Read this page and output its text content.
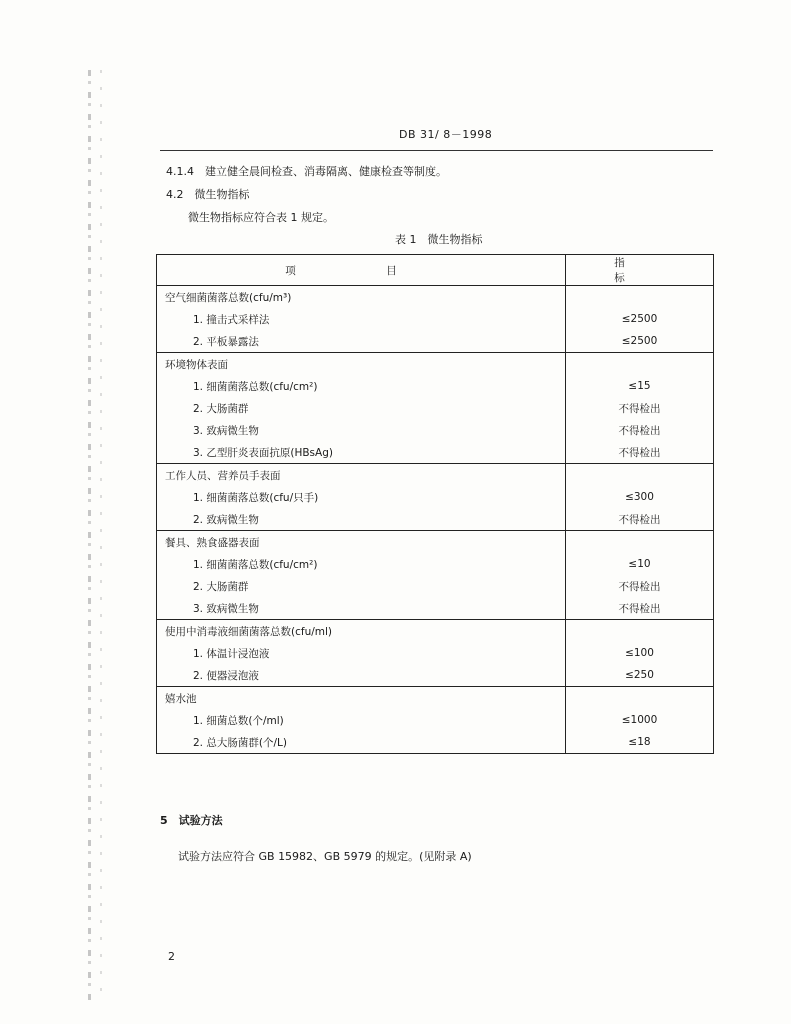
DB 31/ 8－1998
4.1.4　建立健全晨间检查、消毒隔离、健康检查等制度。
4.2　微生物指标
微生物指标应符合表 1 规定。
表 1　微生物指标
项　目	指　标
空气细菌菌落总数(cfu/m³)	
1. 撞击式采样法	≤2500
2. 平板暴露法	≤2500
环境物体表面	
1. 细菌菌落总数(cfu/cm²)	≤15
2. 大肠菌群	不得检出
3. 致病微生物	不得检出
3. 乙型肝炎表面抗原(HBsAg)	不得检出
工作人员、营养员手表面	
1. 细菌菌落总数(cfu/只手)	≤300
2. 致病微生物	不得检出
餐具、熟食盛器表面	
1. 细菌菌落总数(cfu/cm²)	≤10
2. 大肠菌群	不得检出
3. 致病微生物	不得检出
使用中消毒液细菌菌落总数(cfu/ml)	
1. 体温计浸泡液	≤100
2. 便器浸泡液	≤250
嬉水池	
1. 细菌总数(个/ml)	≤1000
2. 总大肠菌群(个/L)	≤18
5　试验方法
试验方法应符合 GB 15982、GB 5979 的规定。(见附录 A)
2
